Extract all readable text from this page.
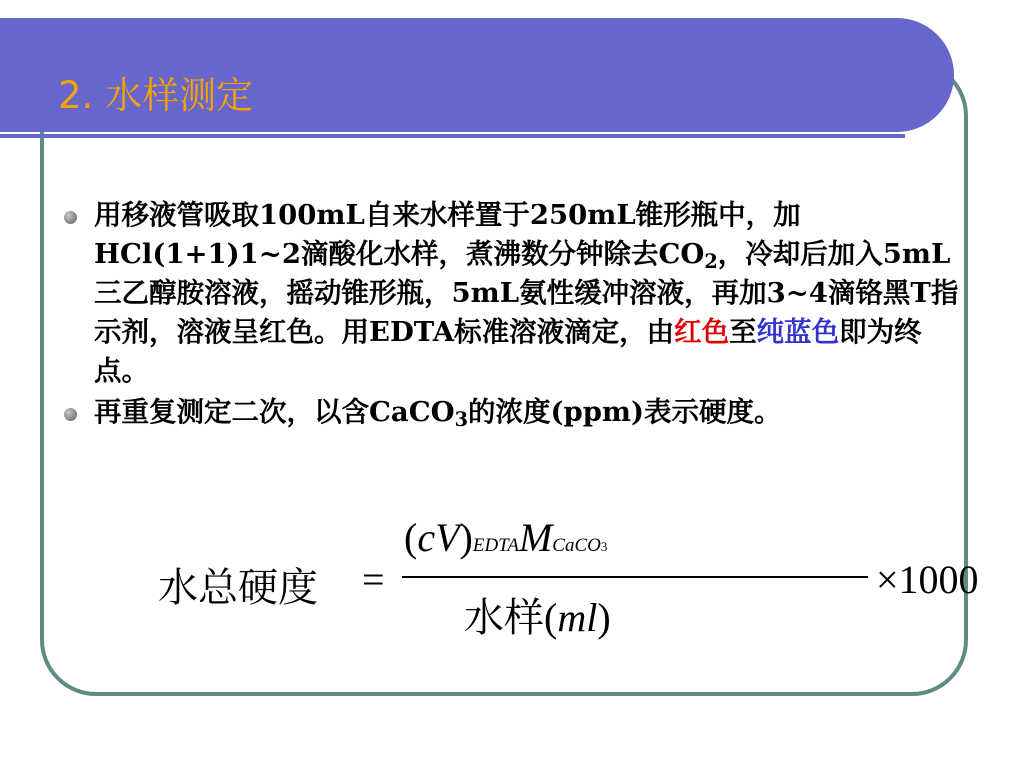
2. 水样测定

用移液管吸取100mL自来水样置于250mL锥形瓶中，加HCl(1+1)1~2滴酸化水样，煮沸数分钟除去$CO_2$，冷却后加入5mL三乙醇胺溶液，摇动锥形瓶，5mL氨性缓冲溶液，再加3~4滴铬黑T指示剂，溶液呈红色。用EDTA标准溶液滴定，由红色至纯蓝色即为终点。

再重复测定二次，以含CaCO$_3$的浓度(ppm)表示硬度。

水总硬度 =
(cV)EDTAMCaCO3
水样(ml)
×1000
